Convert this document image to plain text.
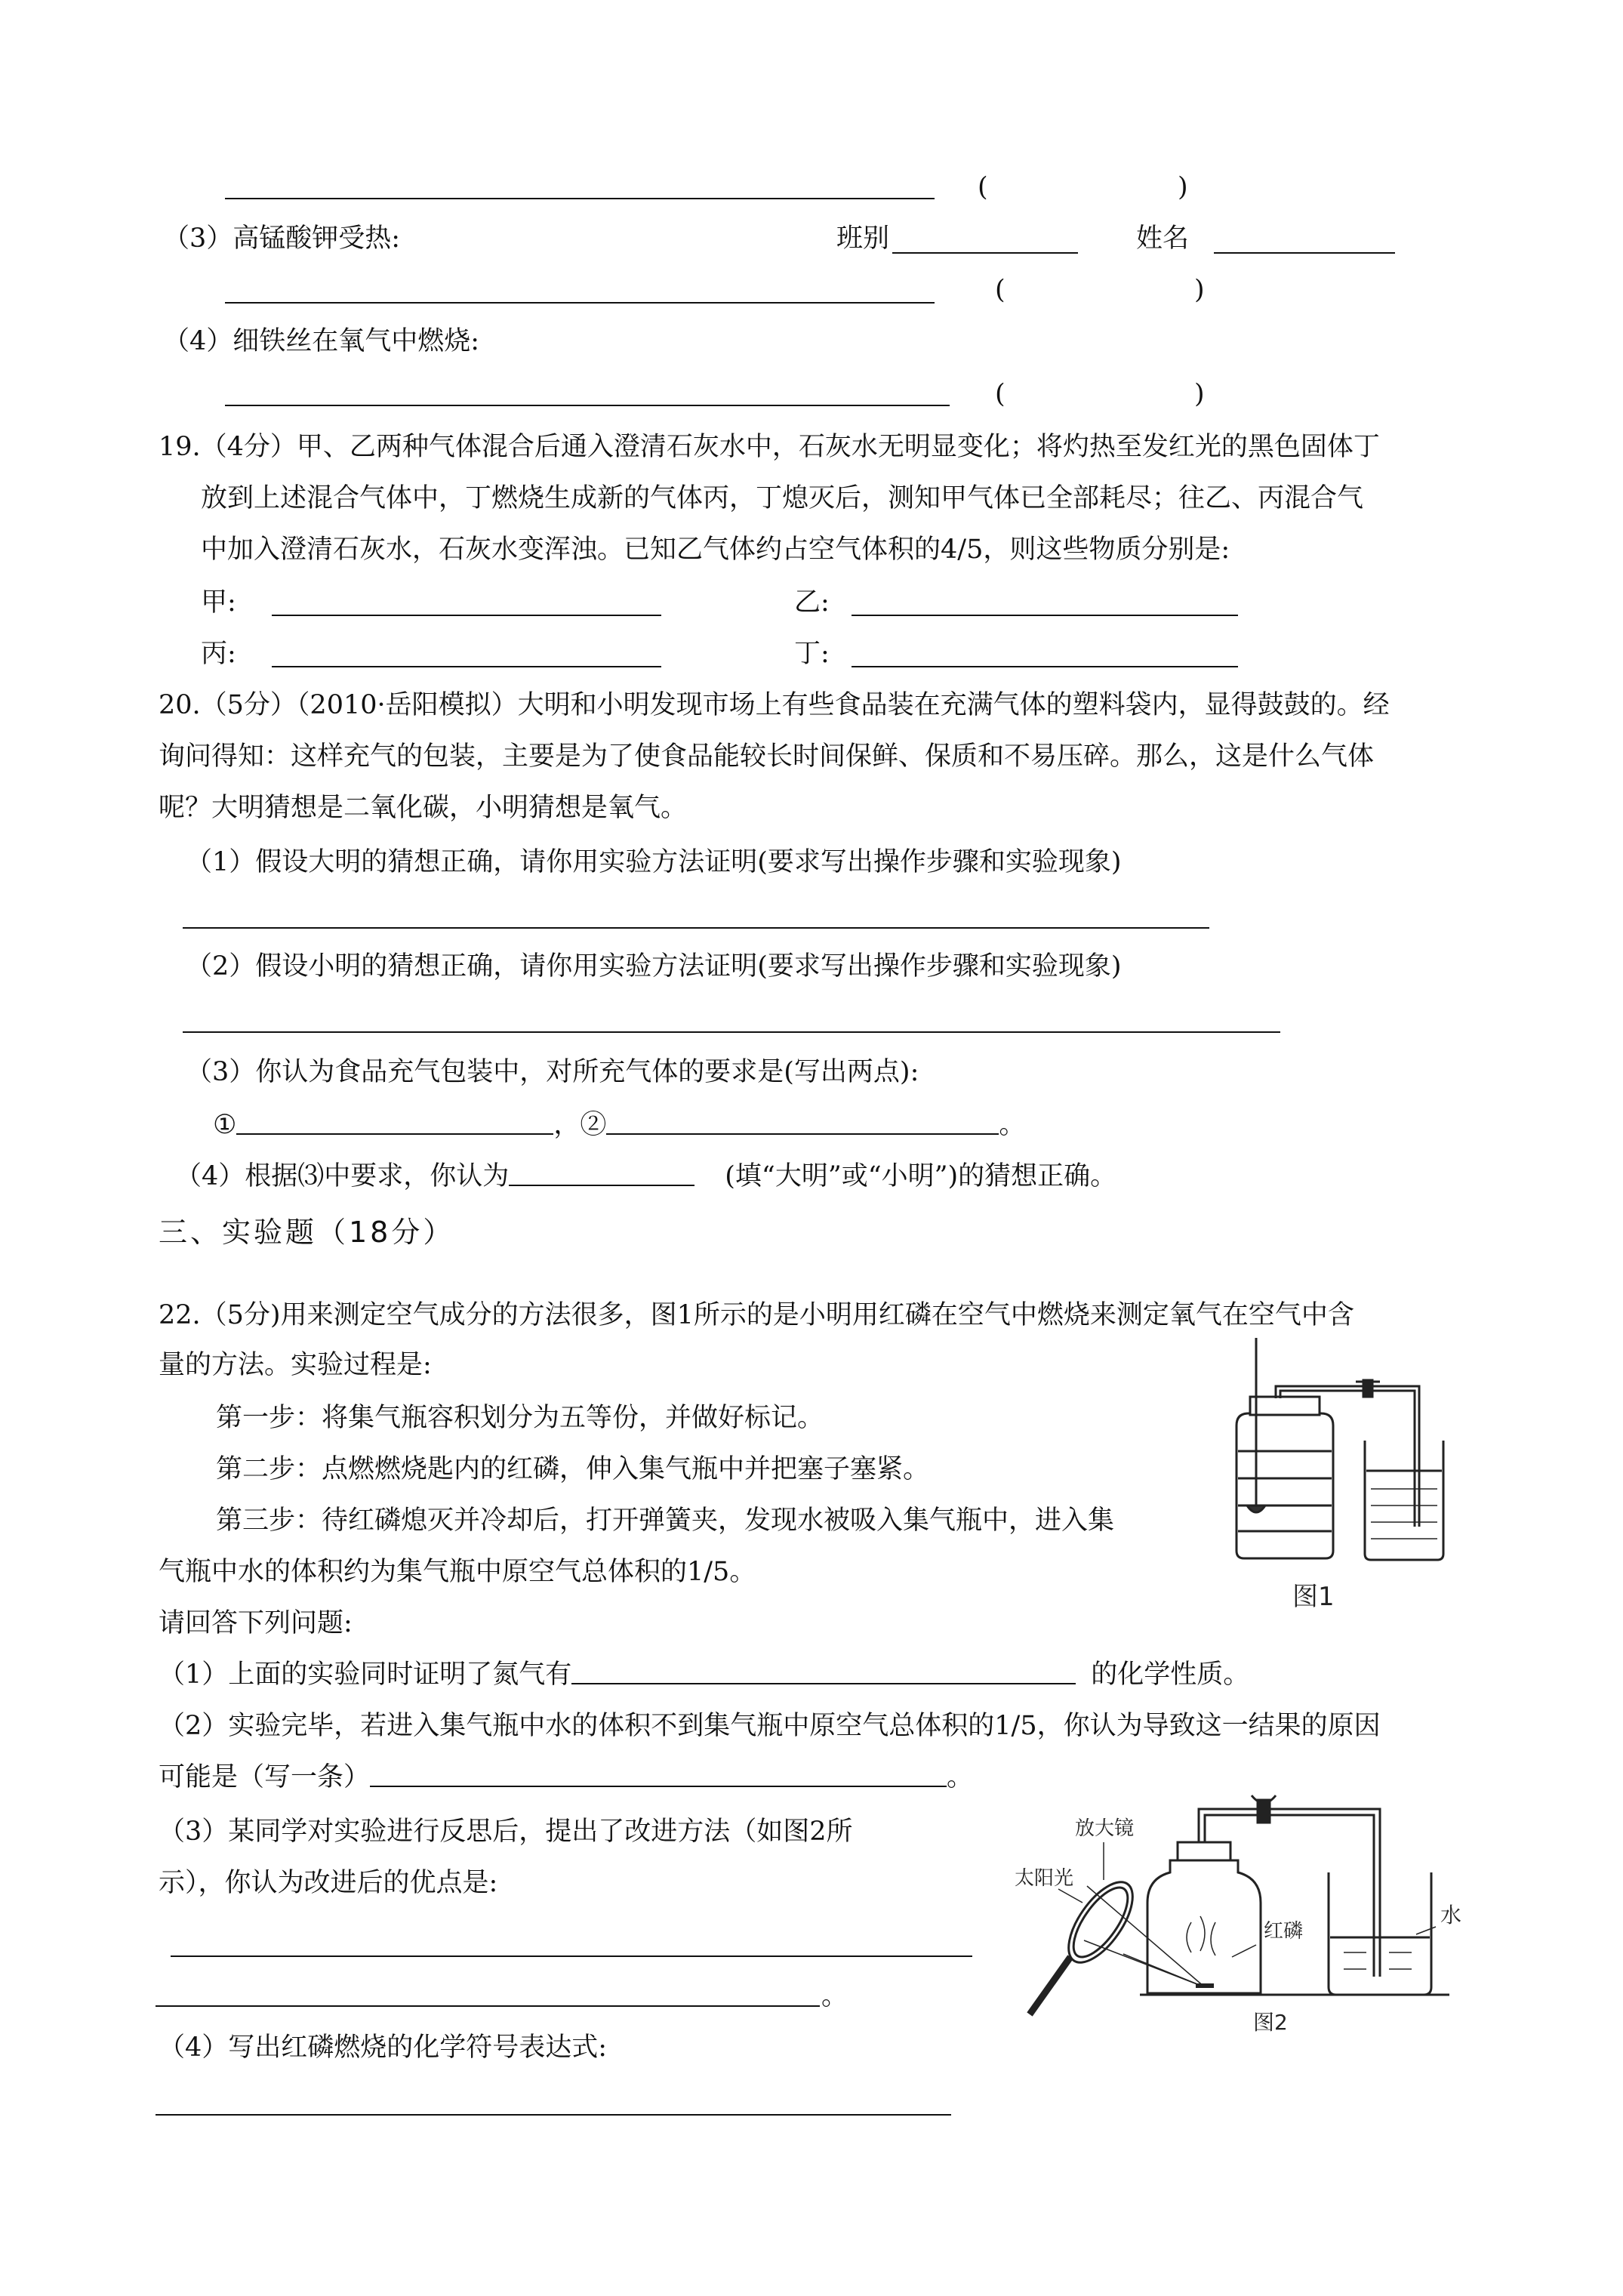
(	)
（3）高锰酸钾受热:	班别	姓名
(	)
（4）细铁丝在氧气中燃烧:
(	)
19.（4分）甲、乙两种气体混合后通入澄清石灰水中，石灰水无明显变化；将灼热至发红光的黑色固体丁
放到上述混合气体中，丁燃烧生成新的气体丙，丁熄灭后，测知甲气体已全部耗尽；往乙、丙混合气
中加入澄清石灰水，石灰水变浑浊。已知乙气体约占空气体积的4/5，则这些物质分别是:
甲:	乙:
丙:	丁:
20.（5分）（2010·岳阳模拟）大明和小明发现市场上有些食品装在充满气体的塑料袋内，显得鼓鼓的。经
询问得知：这样充气的包装，主要是为了使食品能较长时间保鲜、保质和不易压碎。那么，这是什么气体
呢？大明猜想是二氧化碳，小明猜想是氧气。
（1）假设大明的猜想正确，请你用实验方法证明(要求写出操作步骤和实验现象)
（2）假设小明的猜想正确，请你用实验方法证明(要求写出操作步骤和实验现象)
（3）你认为食品充气包装中，对所充气体的要求是(写出两点):
①	，②	。
（4）根据⑶中要求，你认为	(填“大明”或“小明”)的猜想正确。
三、实验题（18分）
22.（5分)用来测定空气成分的方法很多，图1所示的是小明用红磷在空气中燃烧来测定氧气在空气中含
量的方法。实验过程是:
第一步：将集气瓶容积划分为五等份，并做好标记。
第二步：点燃燃烧匙内的红磷，伸入集气瓶中并把塞子塞紧。
第三步：待红磷熄灭并冷却后，打开弹簧夹，发现水被吸入集气瓶中，进入集
气瓶中水的体积约为集气瓶中原空气总体积的1/5。
请回答下列问题:
（1）上面的实验同时证明了氮气有	的化学性质。
（2）实验完毕，若进入集气瓶中水的体积不到集气瓶中原空气总体积的1/5，你认为导致这一结果的原因
可能是（写一条）	。
（3）某同学对实验进行反思后，提出了改进方法（如图2所
示），你认为改进后的优点是:
。
（4）写出红磷燃烧的化学符号表达式:
图1
放大镜
太阳光
红磷
水
图2
